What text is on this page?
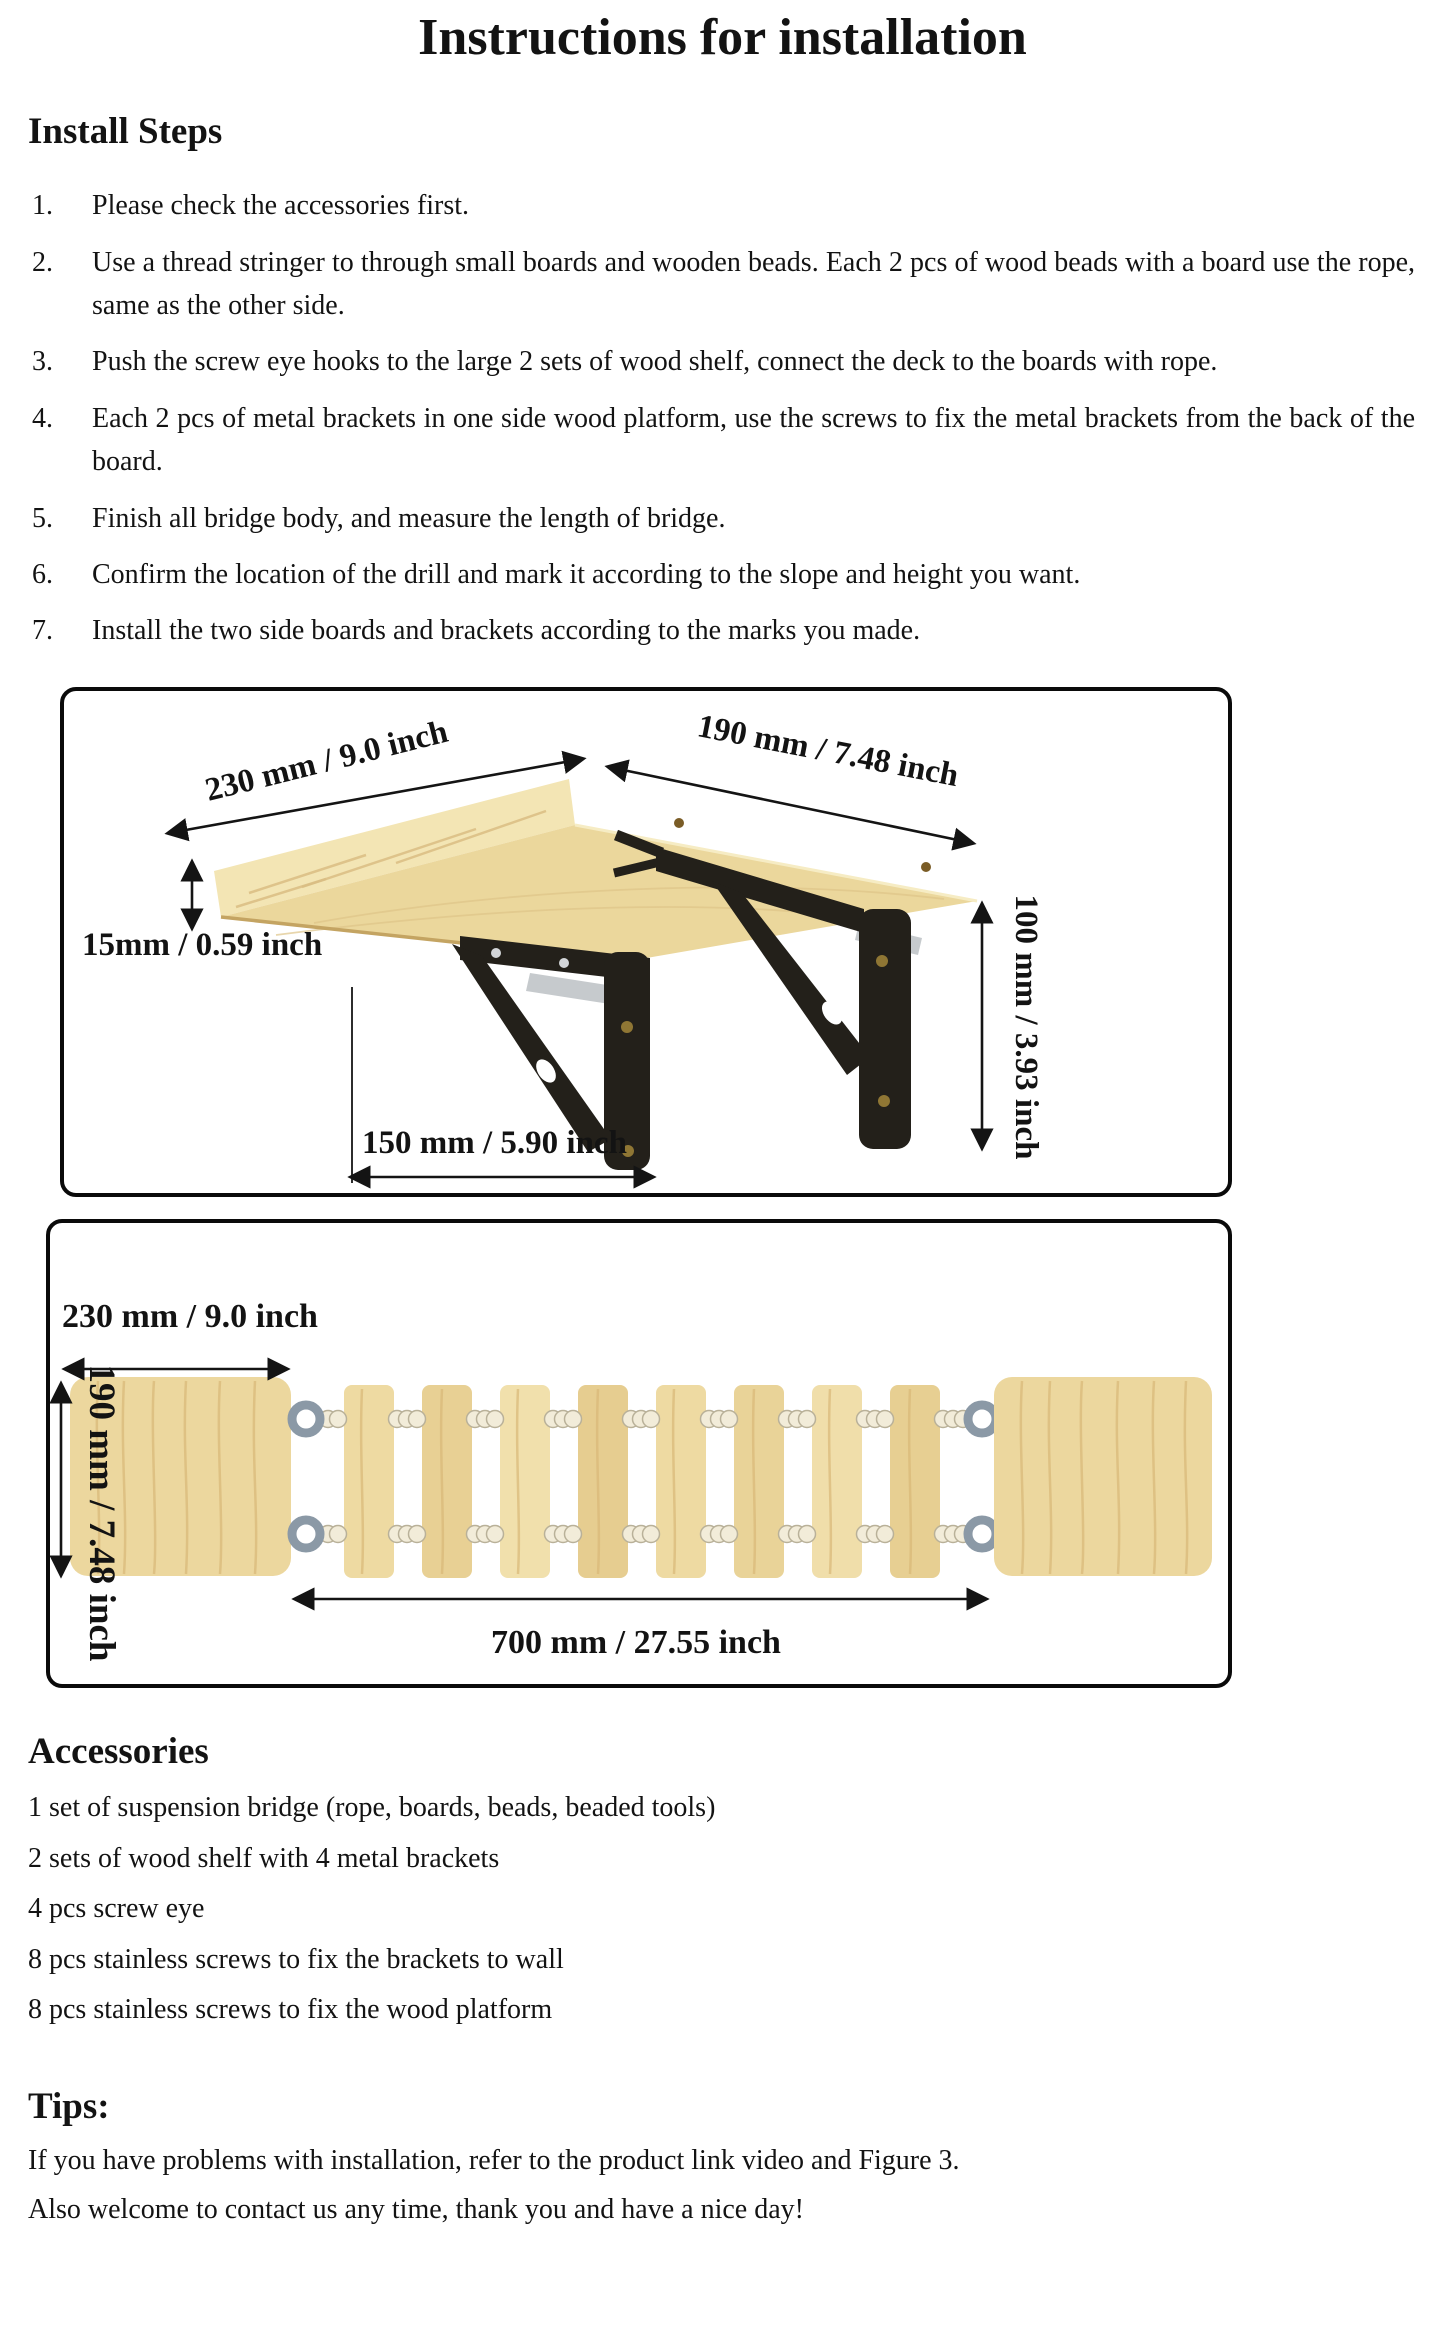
Instructions for installation
Install Steps
Please check the accessories first.
Use a thread stringer to through small boards and wooden beads. Each 2 pcs of wood beads with a board use the rope, same as the other side.
Push the screw eye hooks to the large 2 sets of wood shelf, connect the deck to the boards with rope.
Each 2 pcs of metal brackets in one side wood platform, use the screws to fix the metal brackets from the back of the board.
Finish all bridge body, and measure the length of bridge.
Confirm the location of the drill and mark it according to the slope and height you want.
Install the two side boards and brackets according to the marks you made.
230 mm / 9.0 inch	190 mm / 7.48 inch
15mm / 0.59 inch
150 mm / 5.90 inch	100 mm / 3.93 inch
230 mm / 9.0 inch
190 mm / 7.48 inch	700 mm / 27.55 inch
Accessories

1 set of suspension bridge (rope, boards, beads, beaded tools)

2 sets of wood shelf with 4 metal brackets

4 pcs screw eye

8 pcs stainless screws to fix the brackets to wall

8 pcs stainless screws to fix the wood platform

Tips:

If you have problems with installation, refer to the product link video and Figure 3.

Also welcome to contact us any time, thank you and have a nice day!
